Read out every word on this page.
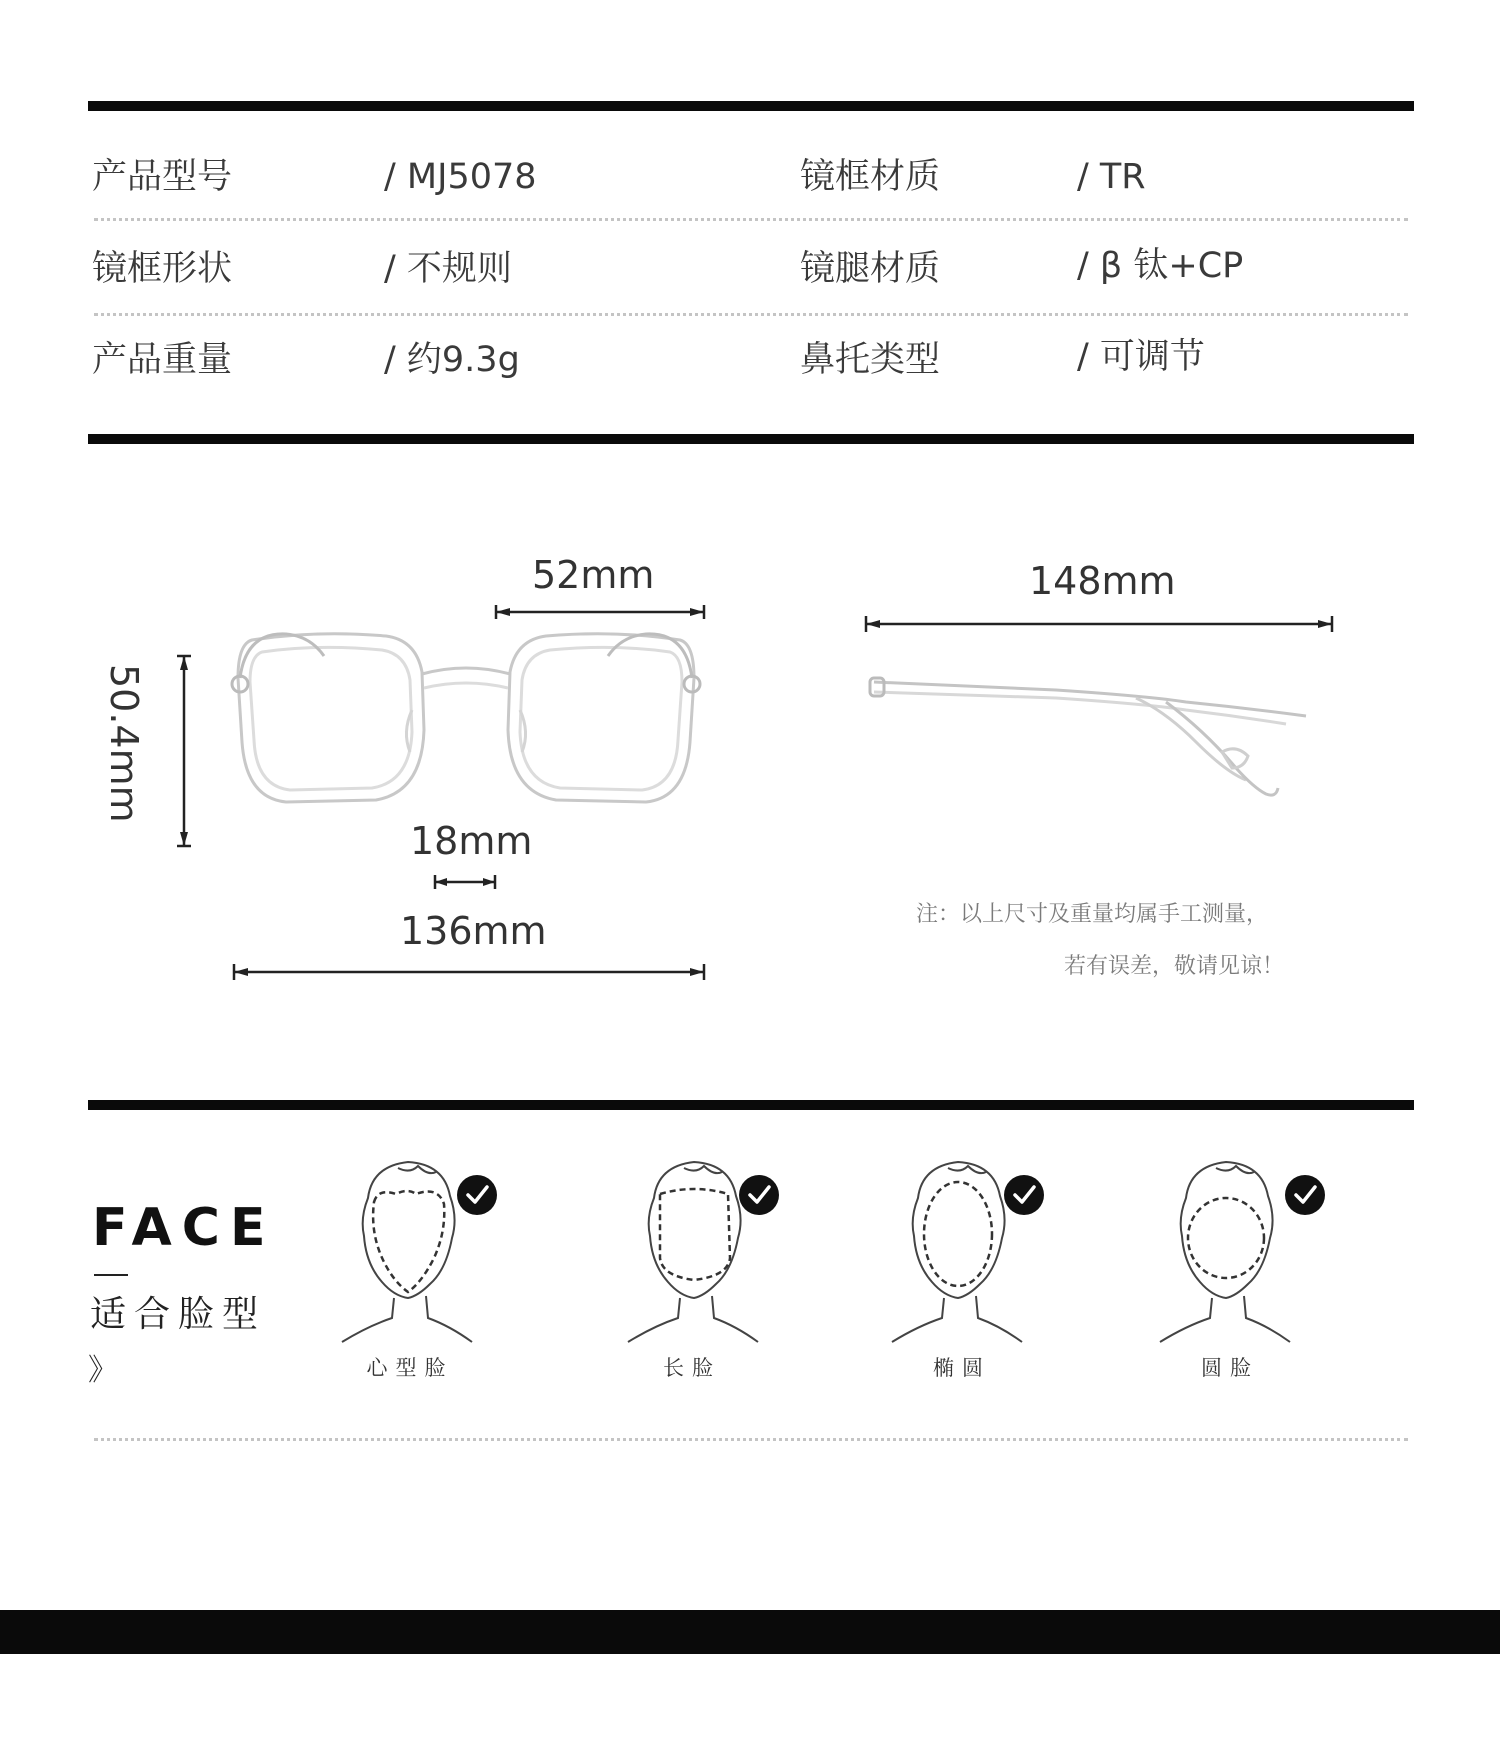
产品型号	/ MJ5078	镜框材质	/ TR
镜框形状	/ 不规则	镜腿材质	/ β 钛+CP
产品重量	/ 约9.3g	鼻托类型	/ 可调节
52mm
50.4mm
18mm
136mm
148mm
注：以上尺寸及重量均属手工测量，
若有误差，敬请见谅！
FACE
适合脸型
》	心型脸	长脸	椭圆	圆脸
